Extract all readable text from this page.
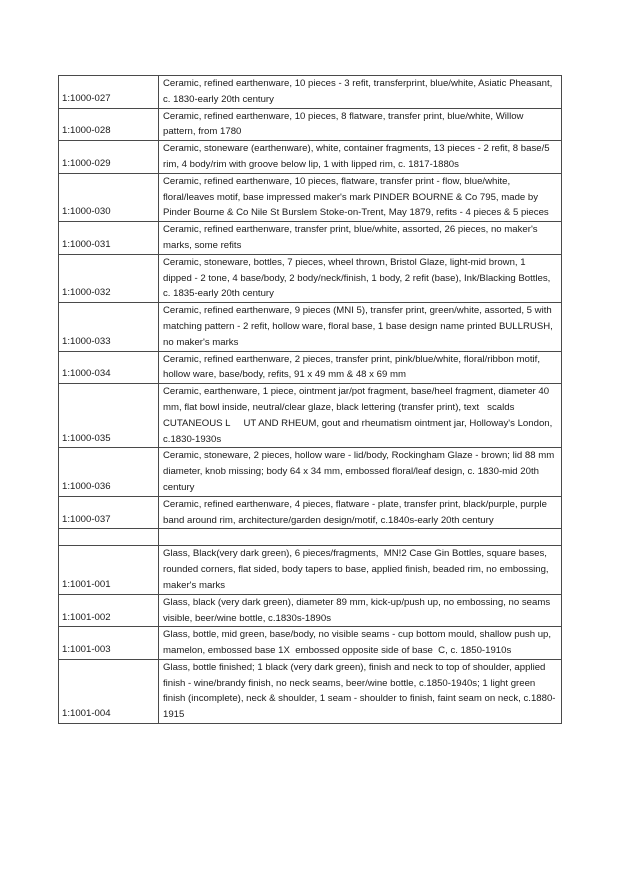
1:1000-027	Ceramic, refined earthenware, 10 pieces - 3 refit, transferprint, blue/white, Asiatic Pheasant, c. 1830-early 20th century
1:1000-028	Ceramic, refined earthenware, 10 pieces, 8 flatware, transfer print, blue/white, Willow pattern, from 1780
1:1000-029	Ceramic, stoneware (earthenware), white, container fragments, 13 pieces - 2 refit, 8 base/5 rim, 4 body/rim with groove below lip, 1 with lipped rim, c. 1817-1880s
1:1000-030	Ceramic, refined earthenware, 10 pieces, flatware, transfer print - flow, blue/white, floral/leaves motif, base impressed maker's mark PINDER BOURNE & Co 795, made by Pinder Bourne & Co Nile St Burslem Stoke-on-Trent, May 1879, refits - 4 pieces & 5 pieces
1:1000-031	Ceramic, refined earthenware, transfer print, blue/white, assorted, 26 pieces, no maker's marks, some refits
1:1000-032	Ceramic, stoneware, bottles, 7 pieces, wheel thrown, Bristol Glaze, light-mid brown, 1 dipped - 2 tone, 4 base/body, 2 body/neck/finish, 1 body, 2 refit (base), Ink/Blacking Bottles, c. 1835-early 20th century
1:1000-033	Ceramic, refined earthenware, 9 pieces (MNI 5), transfer print, green/white, assorted, 5 with matching pattern - 2 refit, hollow ware, floral base, 1 base design name printed BULLRUSH, no maker's marks
1:1000-034	Ceramic, refined earthenware, 2 pieces, transfer print, pink/blue/white, floral/ribbon motif, hollow ware, base/body, refits, 91 x 49 mm & 48 x 69 mm
1:1000-035	Ceramic, earthenware, 1 piece, ointment jar/pot fragment, base/heel fragment, diameter 40 mm, flat bowl inside, neutral/clear glaze, black lettering (transfer print), text   scalds   CUTANEOUS L     UT AND RHEUM, gout and rheumatism ointment jar, Holloway's London, c.1830-1930s
1:1000-036	Ceramic, stoneware, 2 pieces, hollow ware - lid/body, Rockingham Glaze - brown; lid 88 mm diameter, knob missing; body 64 x 34 mm, embossed floral/leaf design, c. 1830-mid 20th century
1:1000-037	Ceramic, refined earthenware, 4 pieces, flatware - plate, transfer print, black/purple, purple band around rim, architecture/garden design/motif, c.1840s-early 20th century

1:1001-001	Glass, Black(very dark green), 6 pieces/fragments,  MN!2 Case Gin Bottles, square bases, rounded corners, flat sided, body tapers to base, applied finish, beaded rim, no embossing, maker's marks
1:1001-002	Glass, black (very dark green), diameter 89 mm, kick-up/push up, no embossing, no seams visible, beer/wine bottle, c.1830s-1890s
1:1001-003	Glass, bottle, mid green, base/body, no visible seams - cup bottom mould, shallow push up, mamelon, embossed base 1X  embossed opposite side of base  C, c. 1850-1910s
1:1001-004	Glass, bottle finished; 1 black (very dark green), finish and neck to top of shoulder, applied finish - wine/brandy finish, no neck seams, beer/wine bottle, c.1850-1940s; 1 light green finish (incomplete), neck & shoulder, 1 seam - shoulder to finish, faint seam on neck, c.1880-1915
